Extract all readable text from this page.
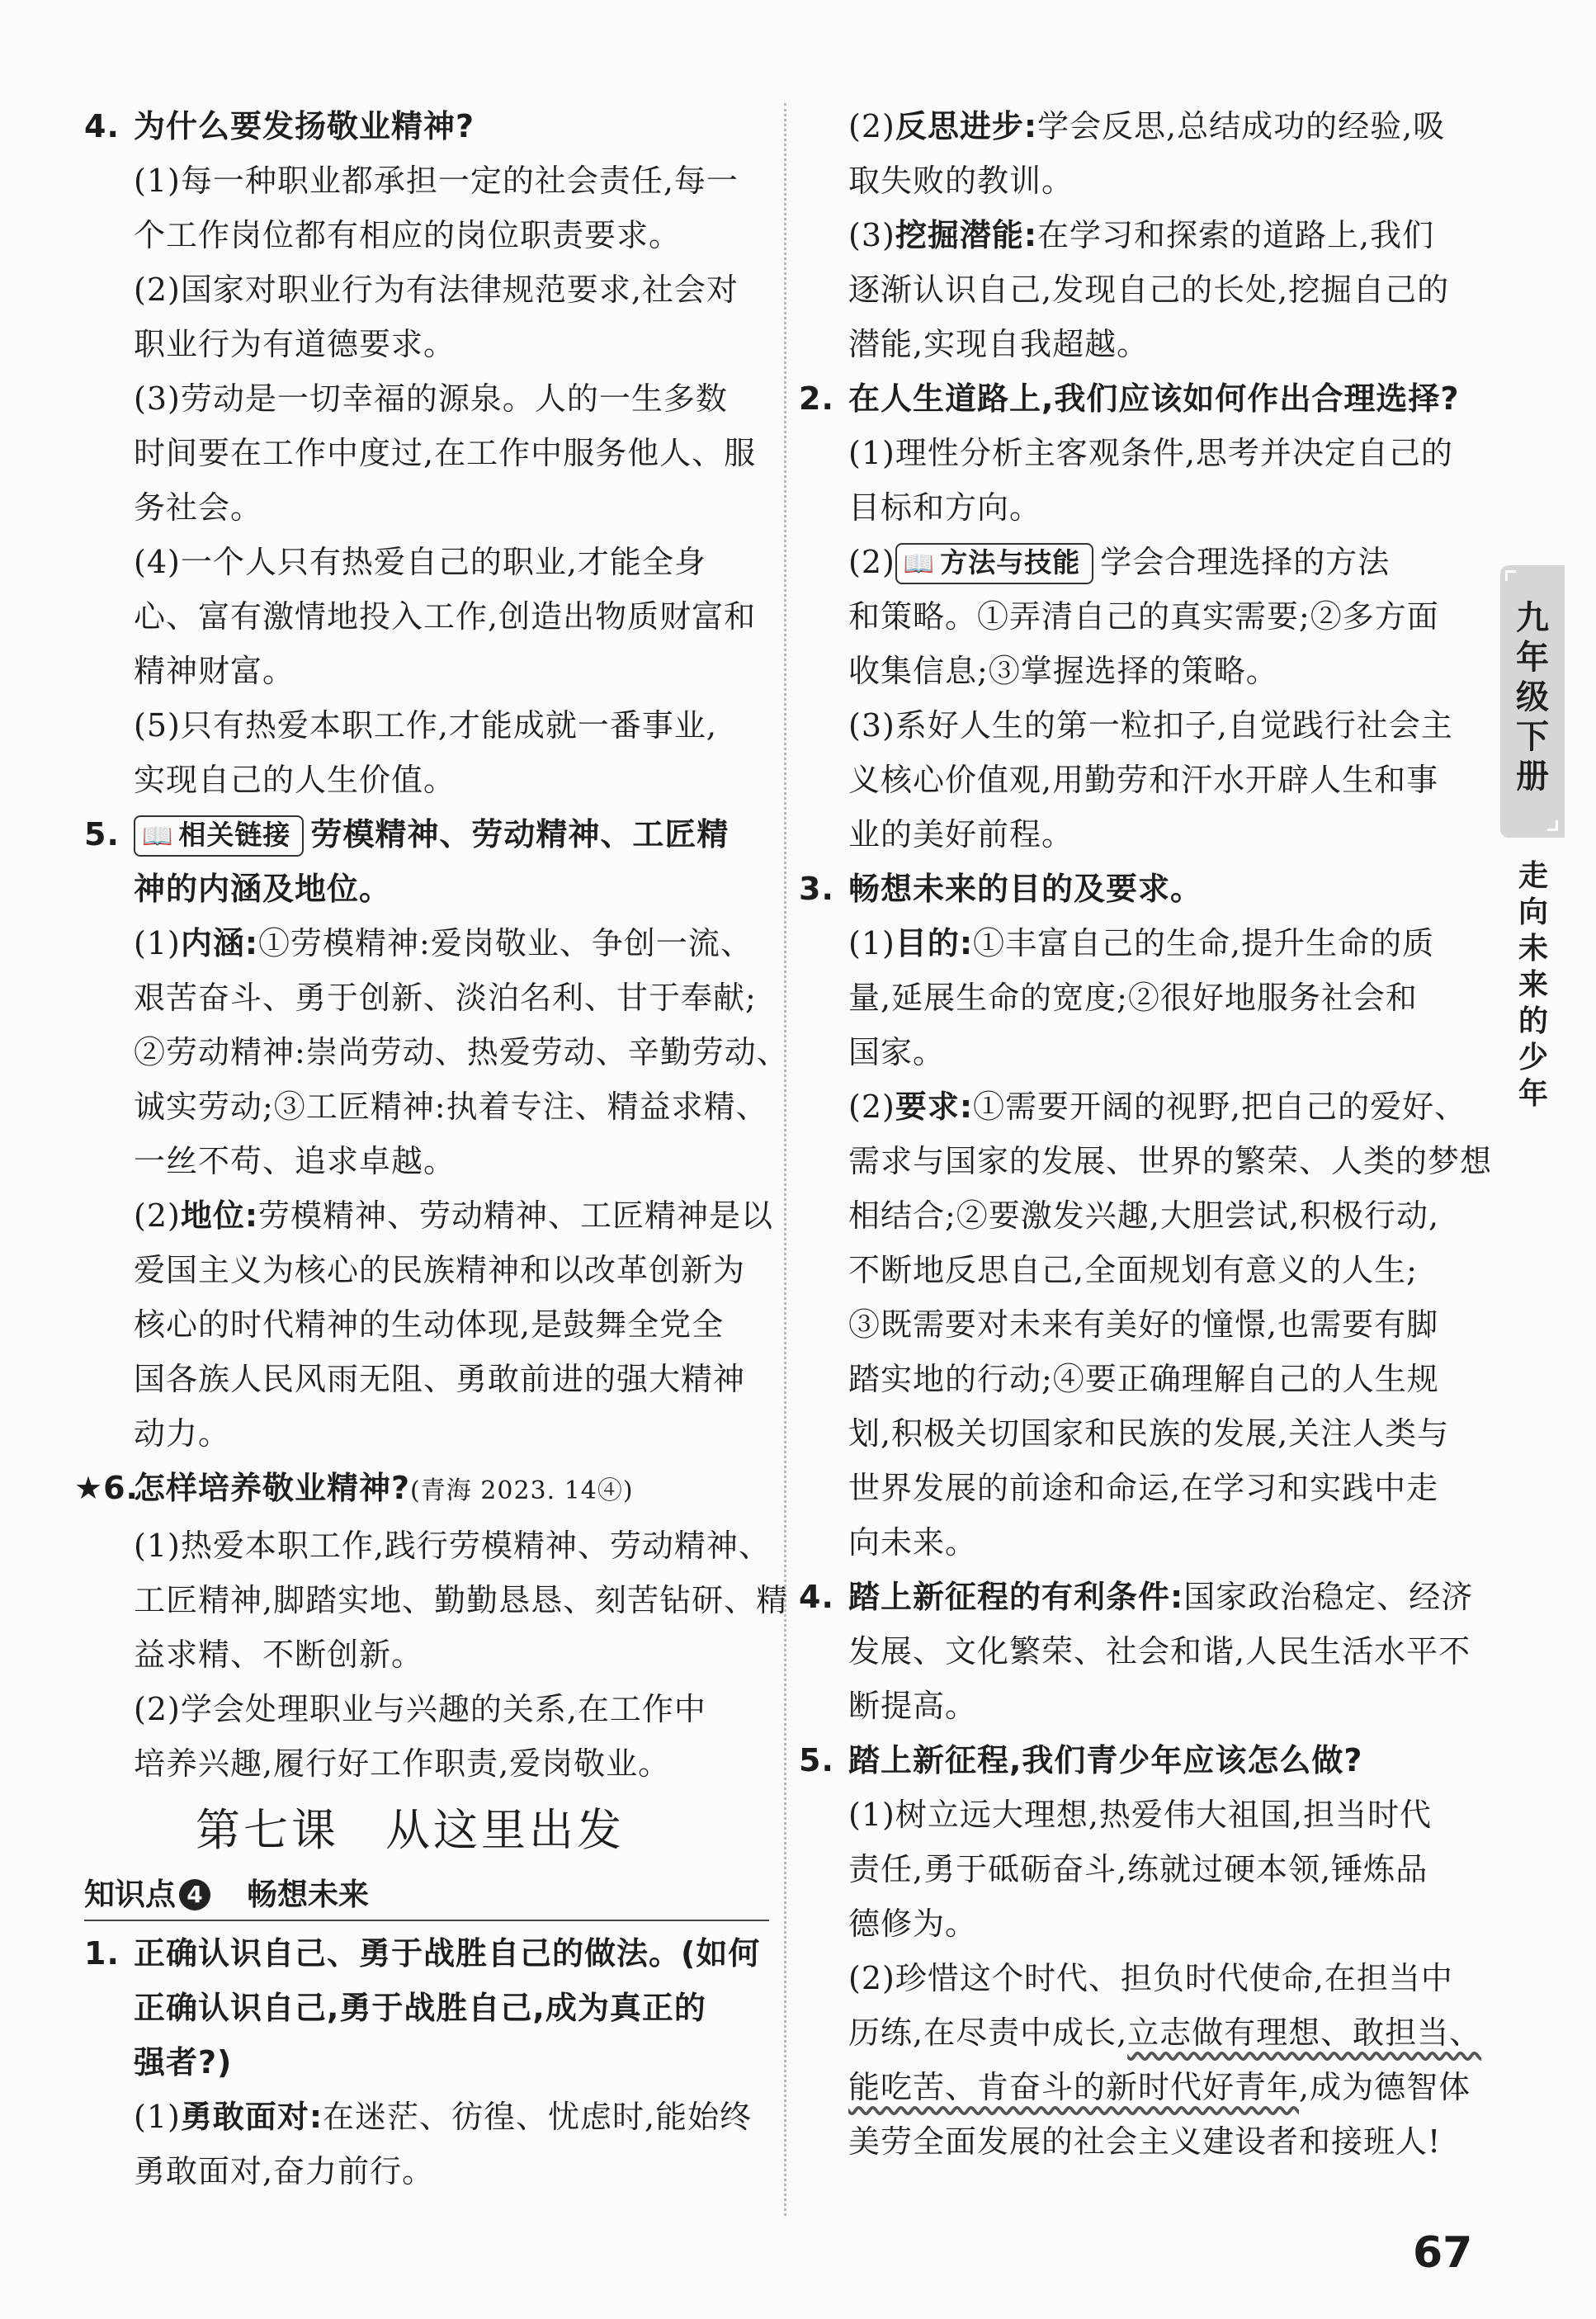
4. 为什么要发扬敬业精神?
(1)每一种职业都承担一定的社会责任,每一
个工作岗位都有相应的岗位职责要求。
(2)国家对职业行为有法律规范要求,社会对
职业行为有道德要求。
(3)劳动是一切幸福的源泉。人的一生多数
时间要在工作中度过,在工作中服务他人、服
务社会。
(4)一个人只有热爱自己的职业,才能全身
心、富有激情地投入工作,创造出物质财富和
精神财富。
(5)只有热爱本职工作,才能成就一番事业,
实现自己的人生价值。
5. 📖 相关链接 劳模精神、劳动精神、工匠精
神的内涵及地位。
(1)内涵:①劳模精神:爱岗敬业、争创一流、
艰苦奋斗、勇于创新、淡泊名利、甘于奉献;
②劳动精神:崇尚劳动、热爱劳动、辛勤劳动、
诚实劳动;③工匠精神:执着专注、精益求精、
一丝不苟、追求卓越。
(2)地位:劳模精神、劳动精神、工匠精神是以
爱国主义为核心的民族精神和以改革创新为
核心的时代精神的生动体现,是鼓舞全党全
国各族人民风雨无阻、勇敢前进的强大精神
动力。
★6.怎样培养敬业精神?(青海 2023. 14④)
(1)热爱本职工作,践行劳模精神、劳动精神、
工匠精神,脚踏实地、勤勤恳恳、刻苦钻研、精
益求精、不断创新。
(2)学会处理职业与兴趣的关系,在工作中
培养兴趣,履行好工作职责,爱岗敬业。
第七课 从这里出发
知识点 4 畅想未来
1. 正确认识自己、勇于战胜自己的做法。(如何
正确认识自己,勇于战胜自己,成为真正的
强者?)
(1)勇敢面对:在迷茫、彷徨、忧虑时,能始终
勇敢面对,奋力前行。
(2)反思进步:学会反思,总结成功的经验,吸
取失败的教训。
(3)挖掘潜能:在学习和探索的道路上,我们
逐渐认识自己,发现自己的长处,挖掘自己的
潜能,实现自我超越。
2. 在人生道路上,我们应该如何作出合理选择?
(1)理性分析主客观条件,思考并决定自己的
目标和方向。
(2) 📖 方法与技能 学会合理选择的方法
和策略。①弄清自己的真实需要;②多方面
收集信息;③掌握选择的策略。
(3)系好人生的第一粒扣子,自觉践行社会主
义核心价值观,用勤劳和汗水开辟人生和事
业的美好前程。
3. 畅想未来的目的及要求。
(1)目的:①丰富自己的生命,提升生命的质
量,延展生命的宽度;②很好地服务社会和
国家。
(2)要求:①需要开阔的视野,把自己的爱好、
需求与国家的发展、世界的繁荣、人类的梦想
相结合;②要激发兴趣,大胆尝试,积极行动,
不断地反思自己,全面规划有意义的人生;
③既需要对未来有美好的憧憬,也需要有脚
踏实地的行动;④要正确理解自己的人生规
划,积极关切国家和民族的发展,关注人类与
世界发展的前途和命运,在学习和实践中走
向未来。
4. 踏上新征程的有利条件:国家政治稳定、经济
发展、文化繁荣、社会和谐,人民生活水平不
断提高。
5. 踏上新征程,我们青少年应该怎么做?
(1)树立远大理想,热爱伟大祖国,担当时代
责任,勇于砥砺奋斗,练就过硬本领,锤炼品
德修为。
(2)珍惜这个时代、担负时代使命,在担当中
历练,在尽责中成长,立志做有理想、敢担当、
能吃苦、肯奋斗的新时代好青年,成为德智体
美劳全面发展的社会主义建设者和接班人!
九
年
级
下
册
走
向
未
来
的
少
年
67
